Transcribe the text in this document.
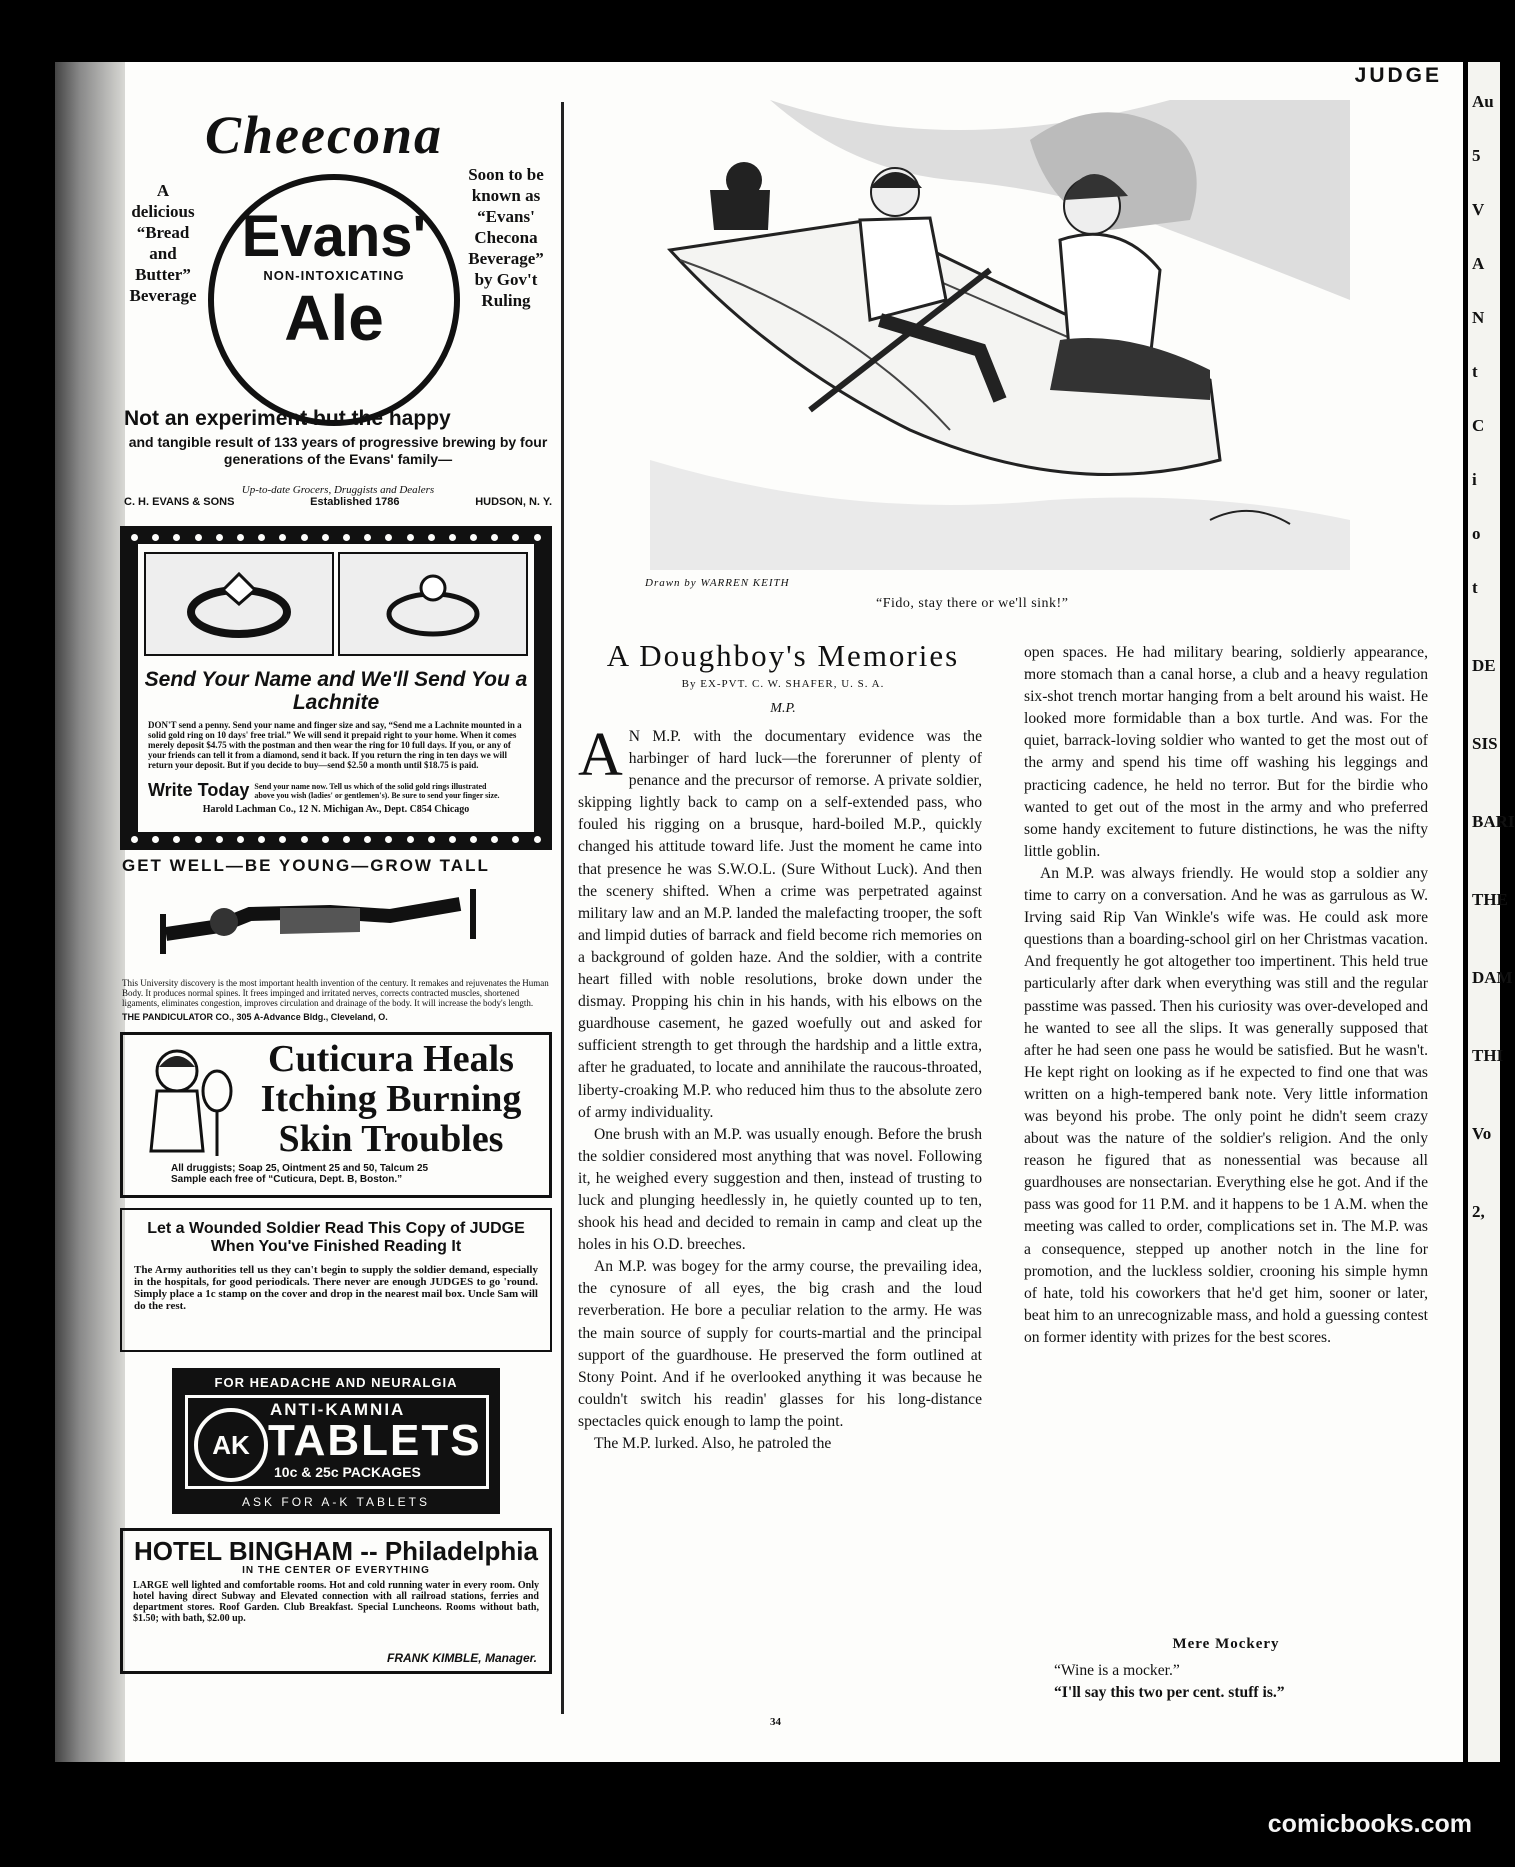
Au
5
V
A
N
t
C
i
o
t
DE
SIS
BARI
THE
DAM
THI
Vo
2,
JUDGE
Cheecona
A delicious “Bread and Butter” Beverage
Evans'
NON-INTOXICATING
Ale
Soon to be known as “Evans' Checona Beverage” by Gov't Ruling
Not an experiment but the happy
and tangible result of 133 years of progressive brewing by four generations of the Evans' family—
Up-to-date Grocers, Druggists and Dealers
C. H. EVANS & SONS	Established 1786	HUDSON, N. Y.
Send Your Name and We'll Send You a Lachnite
DON'T send a penny. Send your name and finger size and say, “Send me a Lachnite mounted in a solid gold ring on 10 days' free trial.” We will send it prepaid right to your home. When it comes merely deposit $4.75 with the postman and then wear the ring for 10 full days. If you, or any of your friends can tell it from a diamond, send it back. If you return the ring in ten days we will return your deposit. But if you decide to buy—send $2.50 a month until $18.75 is paid.
Write Today Send your name now. Tell us which of the solid gold rings illustrated above you wish (ladies' or gentlemen's). Be sure to send your finger size.
Harold Lachman Co., 12 N. Michigan Av., Dept. C854 Chicago
GET WELL—BE YOUNG—GROW TALL
This University discovery is the most important health invention of the century. It remakes and rejuvenates the Human Body. It produces normal spines. It frees impinged and irritated nerves, corrects contracted muscles, shortened ligaments, eliminates congestion, improves circulation and drainage of the body. It will increase the body's length.
THE PANDICULATOR CO., 305 A-Advance Bldg., Cleveland, O.
Cuticura Heals Itching Burning Skin Troubles
All druggists; Soap 25, Ointment 25 and 50, Talcum 25
Sample each free of “Cuticura, Dept. B, Boston.”
Let a Wounded Soldier Read This Copy of JUDGE When You've Finished Reading It
The Army authorities tell us they can't begin to supply the soldier demand, especially in the hospitals, for good periodicals. There never are enough JUDGES to go 'round. Simply place a 1c stamp on the cover and drop in the nearest mail box. Uncle Sam will do the rest.
FOR HEADACHE AND NEURALGIA
AK
ANTI-KAMNIA
TABLETS
10c & 25c PACKAGES
ASK FOR A-K TABLETS
HOTEL BINGHAM -- Philadelphia
IN THE CENTER OF EVERYTHING
LARGE well lighted and comfortable rooms. Hot and cold running water in every room. Only hotel having direct Subway and Elevated connection with all railroad stations, ferries and department stores. Roof Garden. Club Breakfast. Special Luncheons. Rooms without bath, $1.50; with bath, $2.00 up.
FRANK KIMBLE, Manager.
Drawn by WARREN KEITH
“Fido, stay there or we'll sink!”
A Doughboy's Memories
By EX-PVT. C. W. SHAFER, U. S. A.
M.P.

A N M.P. with the documentary evidence was the harbinger of hard luck—the forerunner of plenty of penance and the precursor of remorse. A private soldier, skipping lightly back to camp on a self-extended pass, who fouled his rigging on a brusque, hard-boiled M.P., quickly changed his attitude toward life. Just the moment he came into that presence he was S.W.O.L. (Sure Without Luck). And then the scenery shifted. When a crime was perpetrated against military law and an M.P. landed the malefacting trooper, the soft and limpid duties of barrack and field become rich memories on a background of golden haze. And the soldier, with a contrite heart filled with noble resolutions, broke down under the dismay. Propping his chin in his hands, with his elbows on the guardhouse casement, he gazed woefully out and asked for sufficient strength to get through the hardship and a little extra, after he graduated, to locate and annihilate the raucous-throated, liberty-croaking M.P. who reduced him thus to the absolute zero of army individuality.

One brush with an M.P. was usually enough. Before the brush the soldier considered most anything that was novel. Following it, he weighed every suggestion and then, instead of trusting to luck and plunging heedlessly in, he quietly counted up to ten, shook his head and decided to remain in camp and cleat up the holes in his O.D. breeches.

An M.P. was bogey for the army course, the prevailing idea, the cynosure of all eyes, the big crash and the loud reverberation. He bore a peculiar relation to the army. He was the main source of supply for courts-martial and the principal support of the guardhouse. He preserved the form outlined at Stony Point. And if he overlooked anything it was because he couldn't switch his readin' glasses for his long-distance spectacles quick enough to lamp the point.

The M.P. lurked. Also, he patroled the

open spaces. He had military bearing, soldierly appearance, more stomach than a canal horse, a club and a heavy regulation six-shot trench mortar hanging from a belt around his waist. He looked more formidable than a box turtle. And was. For the quiet, barrack-loving soldier who wanted to get the most out of the army and spend his time off washing his leggings and practicing cadence, he held no terror. But for the birdie who wanted to get out of the most in the army and who preferred some handy excitement to future distinctions, he was the nifty little goblin.

An M.P. was always friendly. He would stop a soldier any time to carry on a conversation. And he was as garrulous as W. Irving said Rip Van Winkle's wife was. He could ask more questions than a boarding-school girl on her Christmas vacation. And frequently he got altogether too impertinent. This held true particularly after dark when everything was still and the regular passtime was passed. Then his curiosity was over-developed and he wanted to see all the slips. It was generally supposed that after he had seen one pass he would be satisfied. But he wasn't. He kept right on looking as if he expected to find one that was written on a high-tempered bank note. Very little information was beyond his probe. The only point he didn't seem crazy about was the nature of the soldier's religion. And the only reason he figured that as nonessential was because all guardhouses are nonsectarian. Everything else he got. And if the pass was good for 11 P.M. and it happens to be 1 A.M. when the meeting was called to order, complications set in. The M.P. was a consequence, stepped up another notch in the line for promotion, and the luckless soldier, crooning his simple hymn of hate, told his coworkers that he'd get him, sooner or later, beat him to an unrecognizable mass, and hold a guessing contest on former identity with prizes for the best scores.

Mere Mockery
“Wine is a mocker.”
“I'll say this two per cent. stuff is.”
34
comicbooks.com
